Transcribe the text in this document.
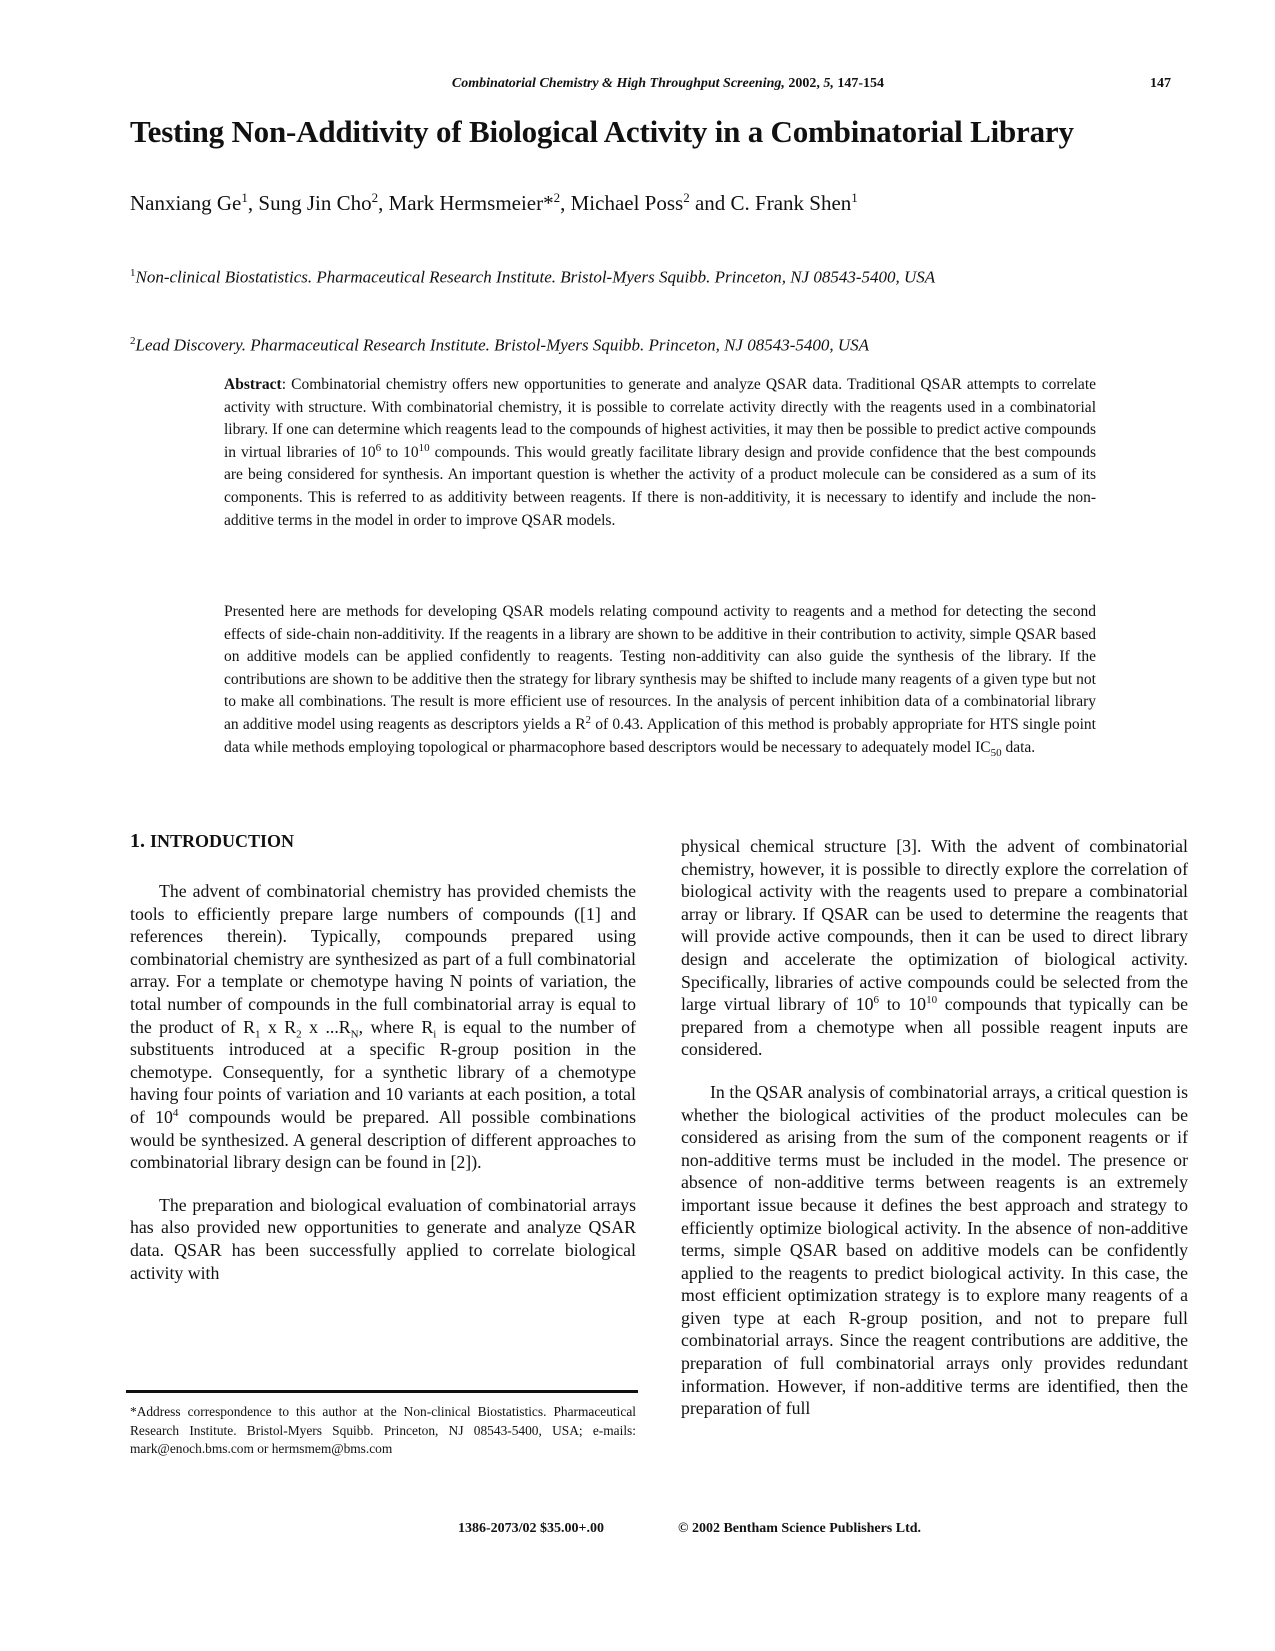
Combinatorial Chemistry & High Throughput Screening, 2002, 5, 147-154	147
Testing Non-Additivity of Biological Activity in a Combinatorial Library
Nanxiang Ge$^1$, Sung Jin Cho$^2$, Mark Hermsmeier*$^2$, Michael Poss$^2$ and C. Frank Shen$^1$
$^1$Non-clinical Biostatistics. Pharmaceutical Research Institute. Bristol-Myers Squibb. Princeton, NJ 08543-5400, USA
$^2$Lead Discovery. Pharmaceutical Research Institute. Bristol-Myers Squibb. Princeton, NJ 08543-5400, USA
Abstract: Combinatorial chemistry offers new opportunities to generate and analyze QSAR data. Traditional QSAR attempts to correlate activity with structure. With combinatorial chemistry, it is possible to correlate activity directly with the reagents used in a combinatorial library. If one can determine which reagents lead to the compounds of highest activities, it may then be possible to predict active compounds in virtual libraries of $10^6$ to $10^{10}$ compounds. This would greatly facilitate library design and provide confidence that the best compounds are being considered for synthesis. An important question is whether the activity of a product molecule can be considered as a sum of its components. This is referred to as additivity between reagents. If there is non-additivity, it is necessary to identify and include the non-additive terms in the model in order to improve QSAR models.
Presented here are methods for developing QSAR models relating compound activity to reagents and a method for detecting the second effects of side-chain non-additivity. If the reagents in a library are shown to be additive in their contribution to activity, simple QSAR based on additive models can be applied confidently to reagents. Testing non-additivity can also guide the synthesis of the library. If the contributions are shown to be additive then the strategy for library synthesis may be shifted to include many reagents of a given type but not to make all combinations. The result is more efficient use of resources. In the analysis of percent inhibition data of a combinatorial library an additive model using reagents as descriptors yields a $R^2$ of 0.43. Application of this method is probably appropriate for HTS single point data while methods employing topological or pharmacophore based descriptors would be necessary to adequately model $IC_{50}$ data.
1. INTRODUCTION

The advent of combinatorial chemistry has provided chemists the tools to efficiently prepare large numbers of compounds ([1] and references therein). Typically, compounds prepared using combinatorial chemistry are synthesized as part of a full combinatorial array. For a template or chemotype having N points of variation, the total number of compounds in the full combinatorial array is equal to the product of $R_1$ x $R_2$ x $...R_N$, where $R_i$ is equal to the number of substituents introduced at a specific R-group position in the chemotype. Consequently, for a synthetic library of a chemotype having four points of variation and 10 variants at each position, a total of $10^4$ compounds would be prepared. All possible combinations would be synthesized. A general description of different approaches to combinatorial library design can be found in [2]).

The preparation and biological evaluation of combinatorial arrays has also provided new opportunities to generate and analyze QSAR data. QSAR has been successfully applied to correlate biological activity with

physical chemical structure [3]. With the advent of combinatorial chemistry, however, it is possible to directly explore the correlation of biological activity with the reagents used to prepare a combinatorial array or library. If QSAR can be used to determine the reagents that will provide active compounds, then it can be used to direct library design and accelerate the optimization of biological activity. Specifically, libraries of active compounds could be selected from the large virtual library of $10^6$ to $10^{10}$ compounds that typically can be prepared from a chemotype when all possible reagent inputs are considered.

In the QSAR analysis of combinatorial arrays, a critical question is whether the biological activities of the product molecules can be considered as arising from the sum of the component reagents or if non-additive terms must be included in the model. The presence or absence of non-additive terms between reagents is an extremely important issue because it defines the best approach and strategy to efficiently optimize biological activity. In the absence of non-additive terms, simple QSAR based on additive models can be confidently applied to the reagents to predict biological activity. In this case, the most efficient optimization strategy is to explore many reagents of a given type at each R-group position, and not to prepare full combinatorial arrays. Since the reagent contributions are additive, the preparation of full combinatorial arrays only provides redundant information. However, if non-additive terms are identified, then the preparation of full

*Address correspondence to this author at the Non-clinical Biostatistics. Pharmaceutical Research Institute. Bristol-Myers Squibb. Princeton, NJ 08543-5400, USA; e-mails: mark@enoch.bms.com or hermsmem@bms.com
1386-2073/02 $35.00+.00	© 2002 Bentham Science Publishers Ltd.
